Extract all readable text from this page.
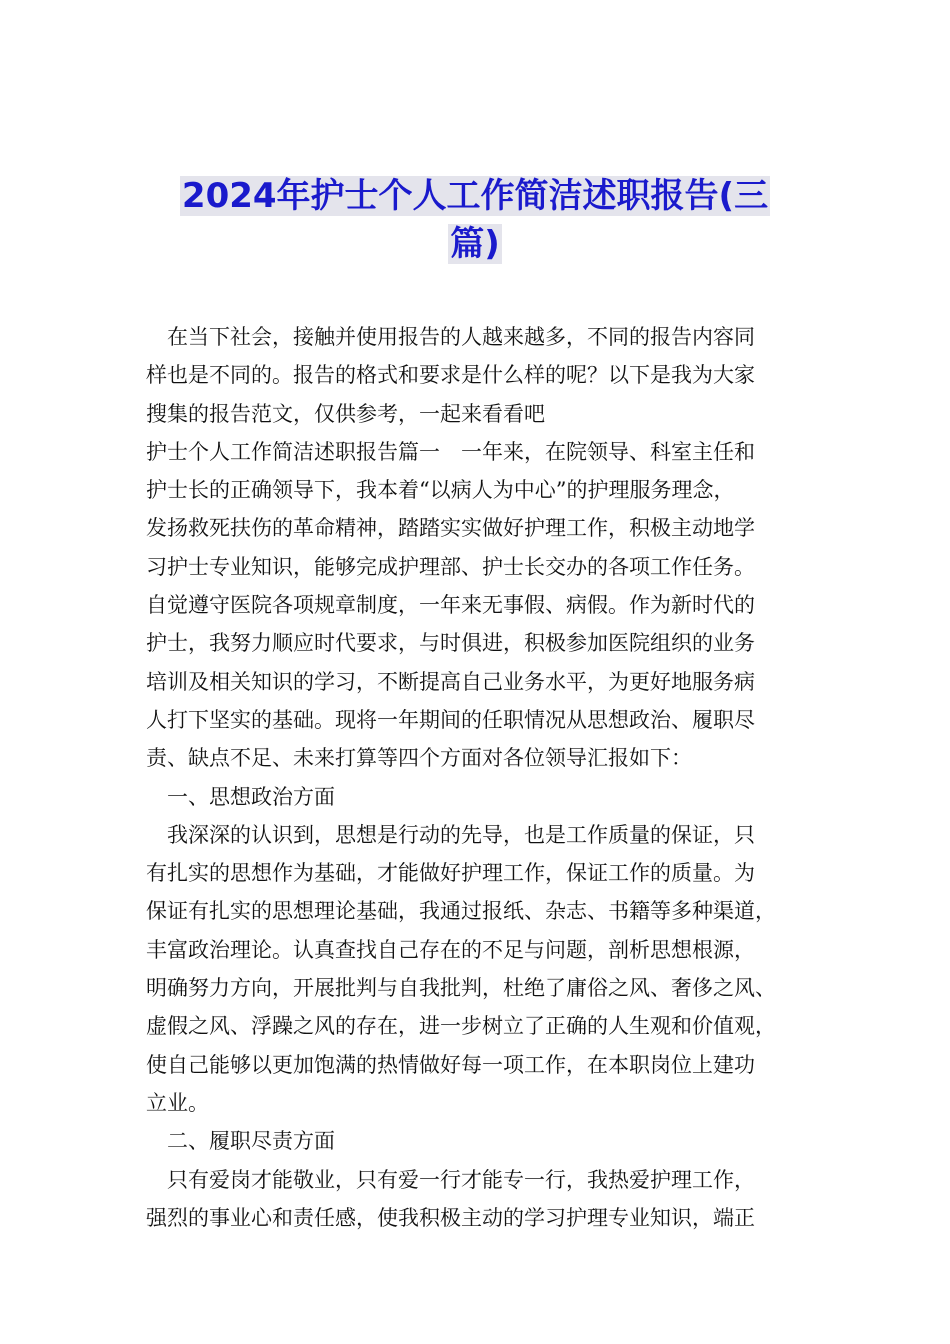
2024年护士个人工作简洁述职报告(三
篇)
　在当下社会，接触并使用报告的人越来越多，不同的报告内容同
样也是不同的。报告的格式和要求是什么样的呢？以下是我为大家
搜集的报告范文，仅供参考，一起来看看吧
护士个人工作简洁述职报告篇一　一年来，在院领导、科室主任和
护士长的正确领导下，我本着“以病人为中心”的护理服务理念，
发扬救死扶伤的革命精神，踏踏实实做好护理工作，积极主动地学
习护士专业知识，能够完成护理部、护士长交办的各项工作任务。
自觉遵守医院各项规章制度，一年来无事假、病假。作为新时代的
护士，我努力顺应时代要求，与时俱进，积极参加医院组织的业务
培训及相关知识的学习，不断提高自己业务水平，为更好地服务病
人打下坚实的基础。现将一年期间的任职情况从思想政治、履职尽
责、缺点不足、未来打算等四个方面对各位领导汇报如下：
　一、思想政治方面
　我深深的认识到，思想是行动的先导，也是工作质量的保证，只
有扎实的思想作为基础，才能做好护理工作，保证工作的质量。为
保证有扎实的思想理论基础，我通过报纸、杂志、书籍等多种渠道，
丰富政治理论。认真查找自己存在的不足与问题，剖析思想根源，
明确努力方向，开展批判与自我批判，杜绝了庸俗之风、奢侈之风、
虚假之风、浮躁之风的存在，进一步树立了正确的人生观和价值观，
使自己能够以更加饱满的热情做好每一项工作，在本职岗位上建功
立业。
　二、履职尽责方面
　只有爱岗才能敬业，只有爱一行才能专一行，我热爱护理工作，
强烈的事业心和责任感，使我积极主动的学习护理专业知识，端正
